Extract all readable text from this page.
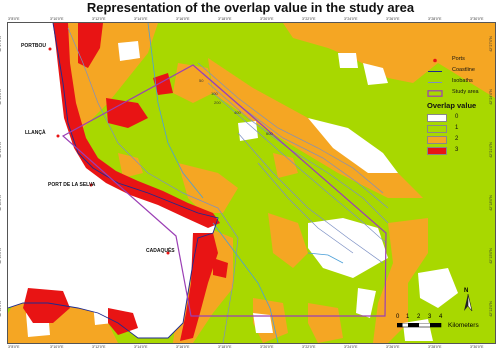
Representation of the overlap value in the study area
PORTBOU
LLANÇÀ
PORT DE LA SELVA
CADAQUÉS
50
100
200
400
600
3°8'0"E	3°10'0"E	3°12'0"E	3°14'0"E	3°16'0"E	3°18'0"E	3°20'0"E	3°22'0"E	3°24'0"E	3°26'0"E	3°28'0"E	3°30'0"E
3°8'0"E	3°10'0"E	3°12'0"E	3°14'0"E	3°16'0"E	3°18'0"E	3°20'0"E	3°22'0"E	3°24'0"E	3°26'0"E	3°28'0"E	3°30'0"E
42°27'0"N
42°24'0"N
42°21'0"N
42°18'0"N
42°15'0"N
42°12'0"N
Ports
Coastline
Isobaths
Study area
Overlap value
0
1
2
3
N
0 1 2 3 4
Kilometers
